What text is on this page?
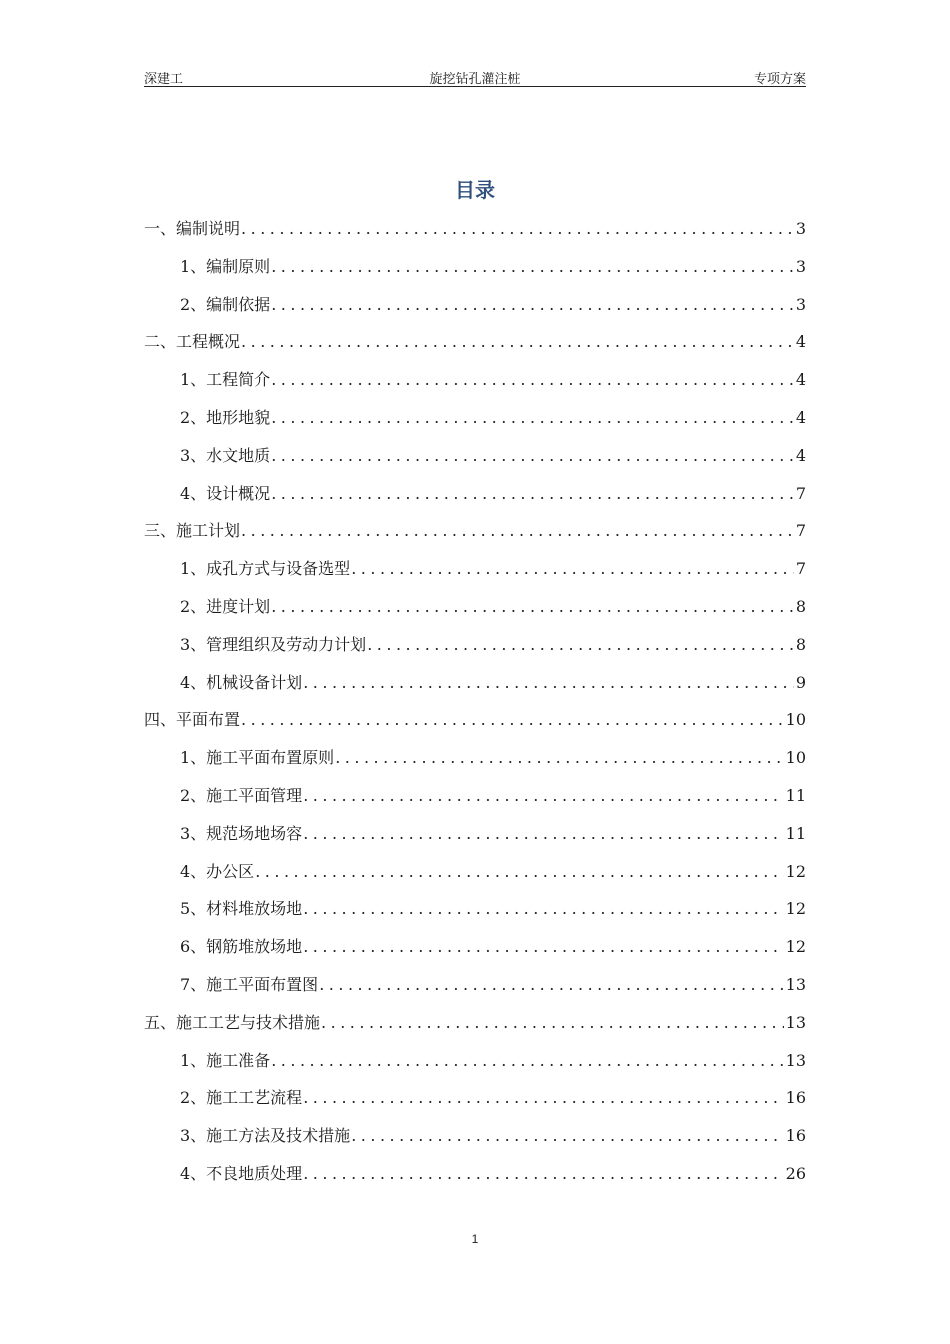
深建工	旋挖钻孔灌注桩	专项方案
目录
一、编制说明 .....	3
1、编制原则 .....	3
2、编制依据 .....	3
二、工程概况 .....	4
1、工程简介 .....	4
2、地形地貌 .....	4
3、水文地质 .....	4
4、设计概况 .....	7
三、施工计划 .....	7
1、成孔方式与设备选型 .....	7
2、进度计划 .....	8
3、管理组织及劳动力计划 .....	8
4、机械设备计划 .....	9
四、平面布置 .....	10
1、施工平面布置原则 .....	10
2、施工平面管理 .....	11
3、规范场地场容 .....	11
4、办公区 .....	12
5、材料堆放场地 .....	12
6、钢筋堆放场地 .....	12
7、施工平面布置图 .....	13
五、施工工艺与技术措施 .....	13
1、施工准备 .....	13
2、施工工艺流程 .....	16
3、施工方法及技术措施 .....	16
4、不良地质处理 .....	26
1
